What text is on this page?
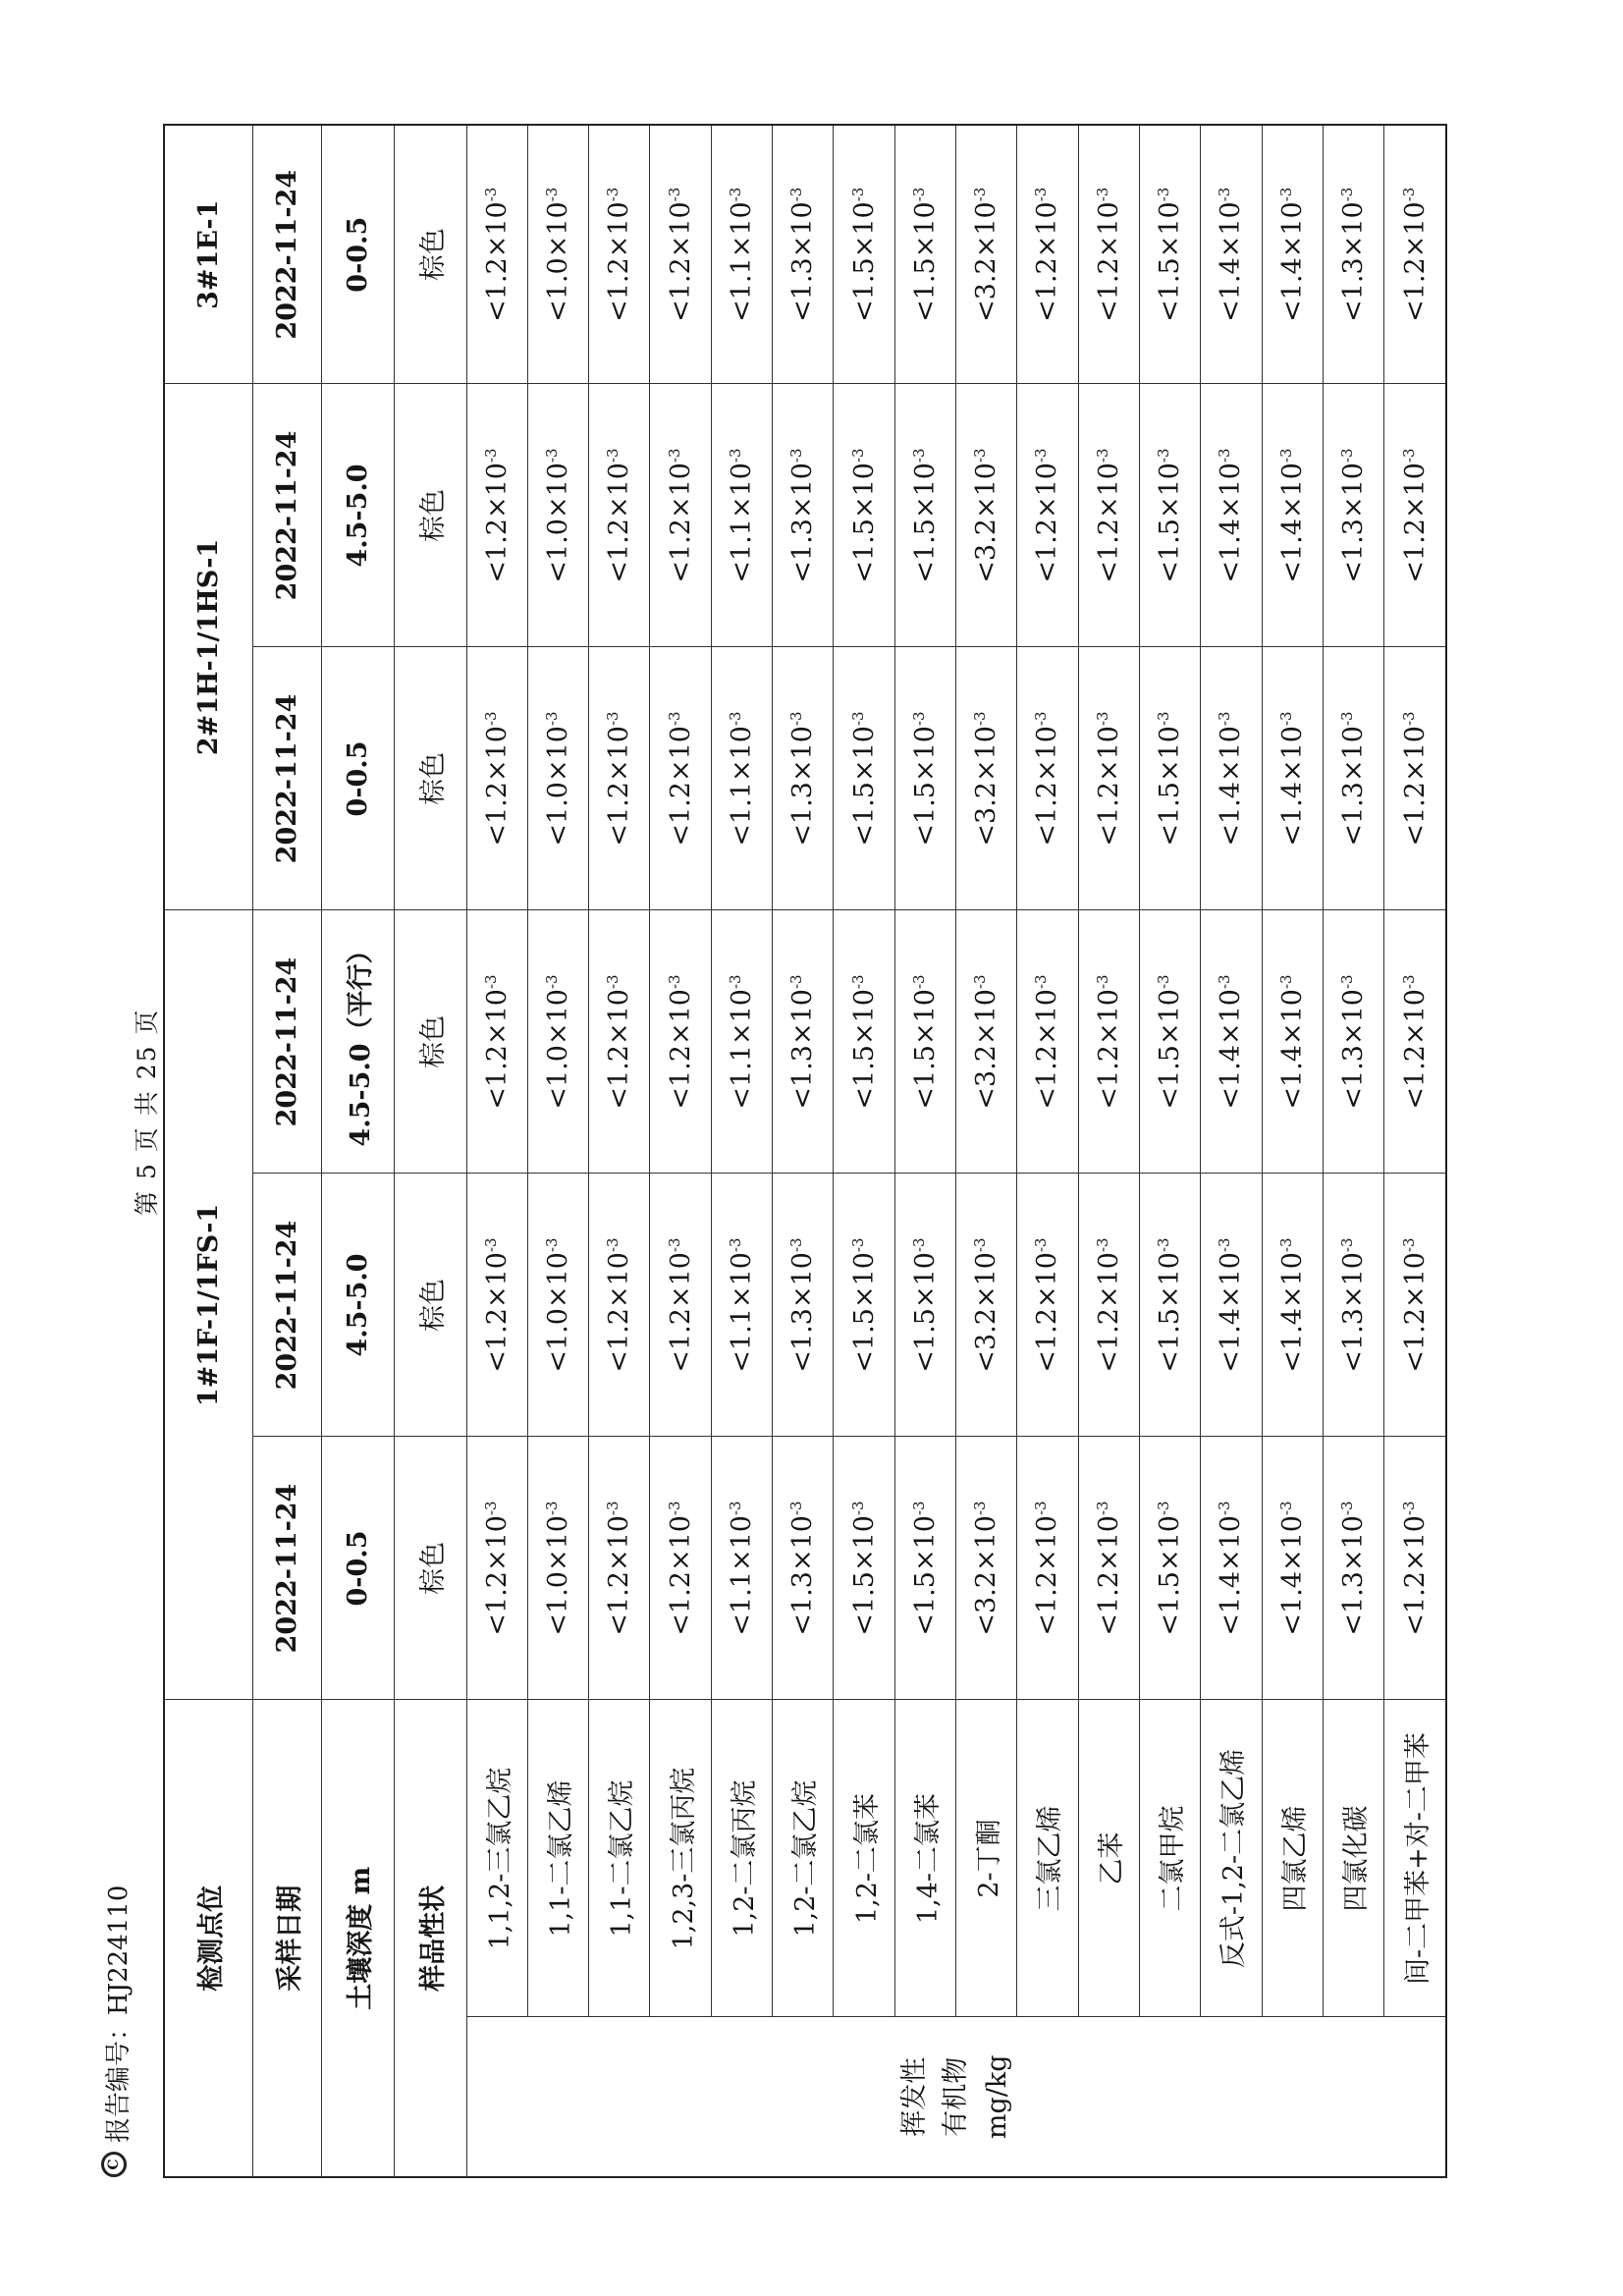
C
报告编号：HJ224110
第 5 页 共 25 页
检测点位		1#1F-1/1FS-1			2#1H-1/1HS-1		3#1E-1
采样日期		2022-11-24	2022-11-24	2022-11-24	2022-11-24	2022-11-24	2022-11-24
土壤深度 m		0-0.5	4.5-5.0	4.5-5.0（平行）	0-0.5	4.5-5.0	0-0.5
样品性状		棕色	棕色	棕色	棕色	棕色	棕色

挥发性 有机物 mg/kg	1,1,2-三氯乙烷	$<1.2\times 10^{-3}$	$<1.2\times 10^{-3}$	$<1.2\times 10^{-3}$	$<1.2\times 10^{-3}$	$<1.2\times 10^{-3}$	$<1.2\times 10^{-3}$
	1,1-二氯乙烯	$<1.0\times 10^{-3}$	$<1.0\times 10^{-3}$	$<1.0\times 10^{-3}$	$<1.0\times 10^{-3}$	$<1.0\times 10^{-3}$	$<1.0\times 10^{-3}$
	1,1-二氯乙烷	$<1.2\times 10^{-3}$	$<1.2\times 10^{-3}$	$<1.2\times 10^{-3}$	$<1.2\times 10^{-3}$	$<1.2\times 10^{-3}$	$<1.2\times 10^{-3}$
	1,2,3-三氯丙烷	$<1.2\times 10^{-3}$	$<1.2\times 10^{-3}$	$<1.2\times 10^{-3}$	$<1.2\times 10^{-3}$	$<1.2\times 10^{-3}$	$<1.2\times 10^{-3}$
	1,2-二氯丙烷	$<1.1\times 10^{-3}$	$<1.1\times 10^{-3}$	$<1.1\times 10^{-3}$	$<1.1\times 10^{-3}$	$<1.1\times 10^{-3}$	$<1.1\times 10^{-3}$
	1,2-二氯乙烷	$<1.3\times 10^{-3}$	$<1.3\times 10^{-3}$	$<1.3\times 10^{-3}$	$<1.3\times 10^{-3}$	$<1.3\times 10^{-3}$	$<1.3\times 10^{-3}$
	1,2-二氯苯	$<1.5\times 10^{-3}$	$<1.5\times 10^{-3}$	$<1.5\times 10^{-3}$	$<1.5\times 10^{-3}$	$<1.5\times 10^{-3}$	$<1.5\times 10^{-3}$
	1,4-二氯苯	$<1.5\times 10^{-3}$	$<1.5\times 10^{-3}$	$<1.5\times 10^{-3}$	$<1.5\times 10^{-3}$	$<1.5\times 10^{-3}$	$<1.5\times 10^{-3}$
	2-丁酮	$<3.2\times 10^{-3}$	$<3.2\times 10^{-3}$	$<3.2\times 10^{-3}$	$<3.2\times 10^{-3}$	$<3.2\times 10^{-3}$	$<3.2\times 10^{-3}$
	三氯乙烯	$<1.2\times 10^{-3}$	$<1.2\times 10^{-3}$	$<1.2\times 10^{-3}$	$<1.2\times 10^{-3}$	$<1.2\times 10^{-3}$	$<1.2\times 10^{-3}$
	乙苯	$<1.2\times 10^{-3}$	$<1.2\times 10^{-3}$	$<1.2\times 10^{-3}$	$<1.2\times 10^{-3}$	$<1.2\times 10^{-3}$	$<1.2\times 10^{-3}$
	二氯甲烷	$<1.5\times 10^{-3}$	$<1.5\times 10^{-3}$	$<1.5\times 10^{-3}$	$<1.5\times 10^{-3}$	$<1.5\times 10^{-3}$	$<1.5\times 10^{-3}$
	反式-1,2-二氯乙烯	$<1.4\times 10^{-3}$	$<1.4\times 10^{-3}$	$<1.4\times 10^{-3}$	$<1.4\times 10^{-3}$	$<1.4\times 10^{-3}$	$<1.4\times 10^{-3}$
	四氯乙烯	$<1.4\times 10^{-3}$	$<1.4\times 10^{-3}$	$<1.4\times 10^{-3}$	$<1.4\times 10^{-3}$	$<1.4\times 10^{-3}$	$<1.4\times 10^{-3}$
	四氯化碳	$<1.3\times 10^{-3}$	$<1.3\times 10^{-3}$	$<1.3\times 10^{-3}$	$<1.3\times 10^{-3}$	$<1.3\times 10^{-3}$	$<1.3\times 10^{-3}$
	间-二甲苯+对-二甲苯	$<1.2\times 10^{-3}$	$<1.2\times 10^{-3}$	$<1.2\times 10^{-3}$	$<1.2\times 10^{-3}$	$<1.2\times 10^{-3}$	$<1.2\times 10^{-3}$
